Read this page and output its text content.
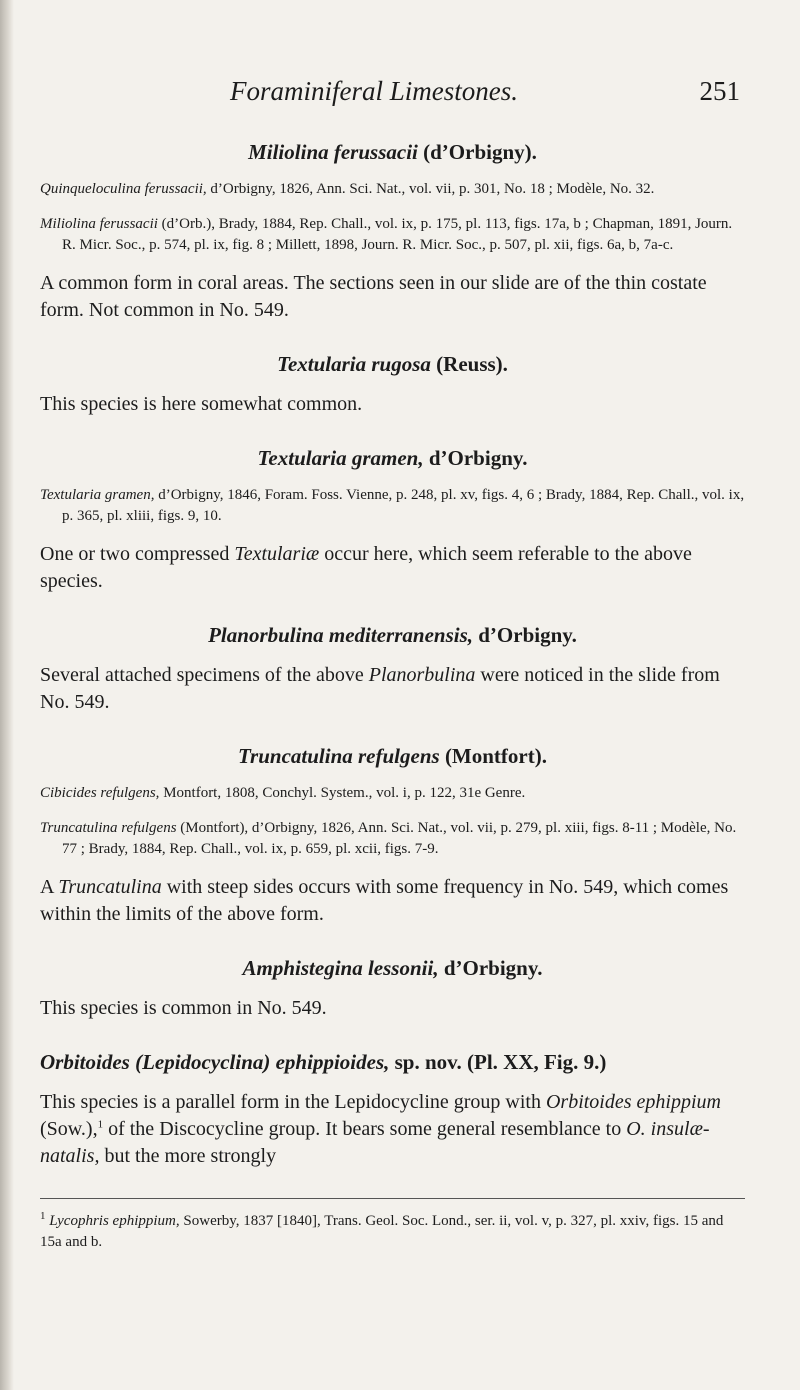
Foraminiferal Limestones.	251
Miliolina ferussacii (d’Orbigny).

Quinqueloculina ferussacii, d’Orbigny, 1826, Ann. Sci. Nat., vol. vii, p. 301, No. 18 ; Modèle, No. 32.

Miliolina ferussacii (d’Orb.), Brady, 1884, Rep. Chall., vol. ix, p. 175, pl. 113, figs. 17a, b ; Chapman, 1891, Journ. R. Micr. Soc., p. 574, pl. ix, fig. 8 ; Millett, 1898, Journ. R. Micr. Soc., p. 507, pl. xii, figs. 6a, b, 7a-c.

A common form in coral areas. The sections seen in our slide are of the thin costate form. Not common in No. 549.

Textularia rugosa (Reuss).

This species is here somewhat common.

Textularia gramen, d’Orbigny.

Textularia gramen, d’Orbigny, 1846, Foram. Foss. Vienne, p. 248, pl. xv, figs. 4, 6 ; Brady, 1884, Rep. Chall., vol. ix, p. 365, pl. xliii, figs. 9, 10.

One or two compressed Textulariæ occur here, which seem referable to the above species.

Planorbulina mediterranensis, d’Orbigny.

Several attached specimens of the above Planorbulina were noticed in the slide from No. 549.

Truncatulina refulgens (Montfort).

Cibicides refulgens, Montfort, 1808, Conchyl. System., vol. i, p. 122, 31e Genre.

Truncatulina refulgens (Montfort), d’Orbigny, 1826, Ann. Sci. Nat., vol. vii, p. 279, pl. xiii, figs. 8-11 ; Modèle, No. 77 ; Brady, 1884, Rep. Chall., vol. ix, p. 659, pl. xcii, figs. 7-9.

A Truncatulina with steep sides occurs with some frequency in No. 549, which comes within the limits of the above form.

Amphistegina lessonii, d’Orbigny.

This species is common in No. 549.

Orbitoides (Lepidocyclina) ephippioides, sp. nov. (Pl. XX, Fig. 9.)

This species is a parallel form in the Lepidocycline group with Orbitoides ephippium (Sow.),$^1$ of the Discocycline group. It bears some general resemblance to O. insulæ-natalis, but the more strongly

$^1$ Lycophris ephippium, Sowerby, 1837 [1840], Trans. Geol. Soc. Lond., ser. ii, vol. v, p. 327, pl. xxiv, figs. 15 and 15a and b.
